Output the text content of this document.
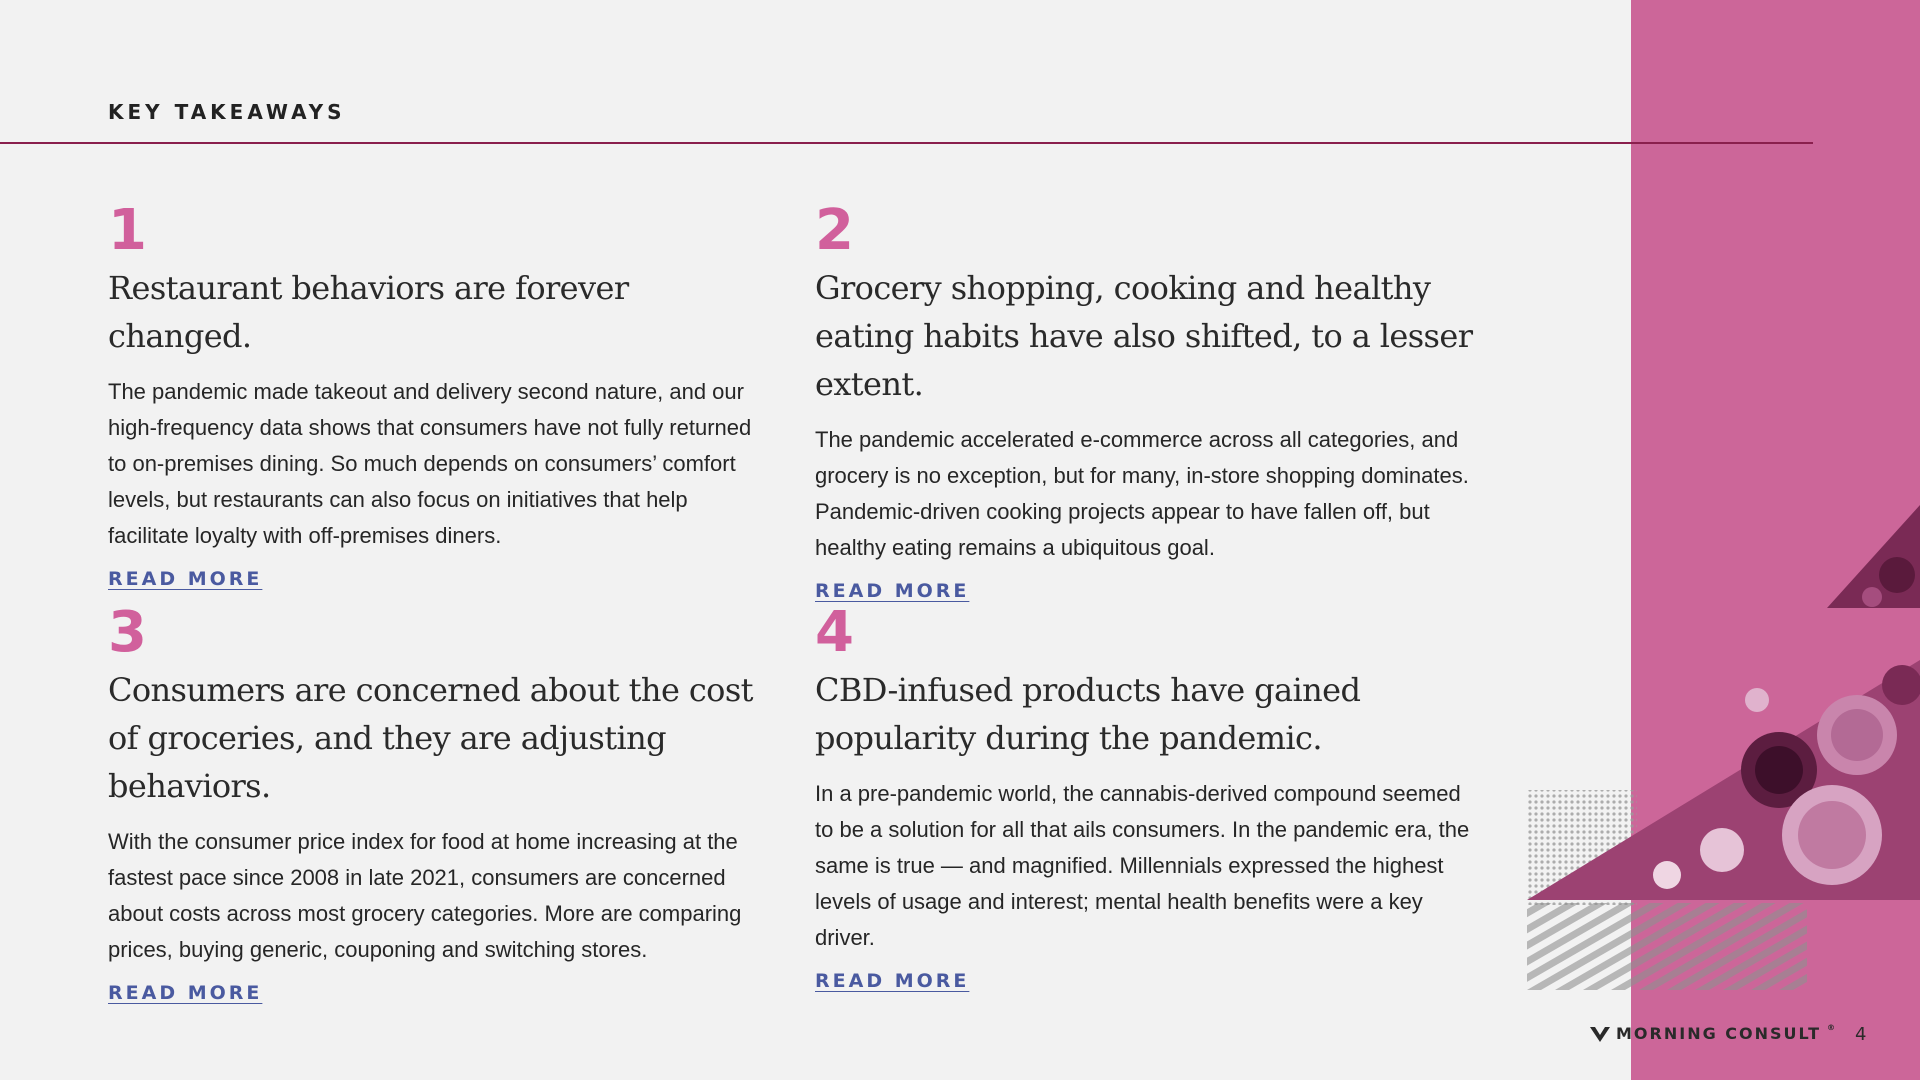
KEY TAKEAWAYS
1
Restaurant behaviors are forever changed.
The pandemic made takeout and delivery second nature, and our high-frequency data shows that consumers have not fully returned to on-premises dining. So much depends on consumers’ comfort levels, but restaurants can also focus on initiatives that help facilitate loyalty with off-premises diners.
READ MORE
2
Grocery shopping, cooking and healthy eating habits have also shifted, to a lesser extent.
The pandemic accelerated e-commerce across all categories, and grocery is no exception, but for many, in-store shopping dominates. Pandemic-driven cooking projects appear to have fallen off, but healthy eating remains a ubiquitous goal.
READ MORE
3
Consumers are concerned about the cost of groceries, and they are adjusting behaviors.
With the consumer price index for food at home increasing at the fastest pace since 2008 in late 2021, consumers are concerned about costs across most grocery categories. More are comparing prices, buying generic, couponing and switching stores.
READ MORE
4
CBD-infused products have gained popularity during the pandemic.
In a pre-pandemic world, the cannabis-derived compound seemed to be a solution for all that ails consumers. In the pandemic era, the same is true — and magnified. Millennials expressed the highest levels of usage and interest; mental health benefits were a key driver.
READ MORE
MORNING CONSULT ® 4
